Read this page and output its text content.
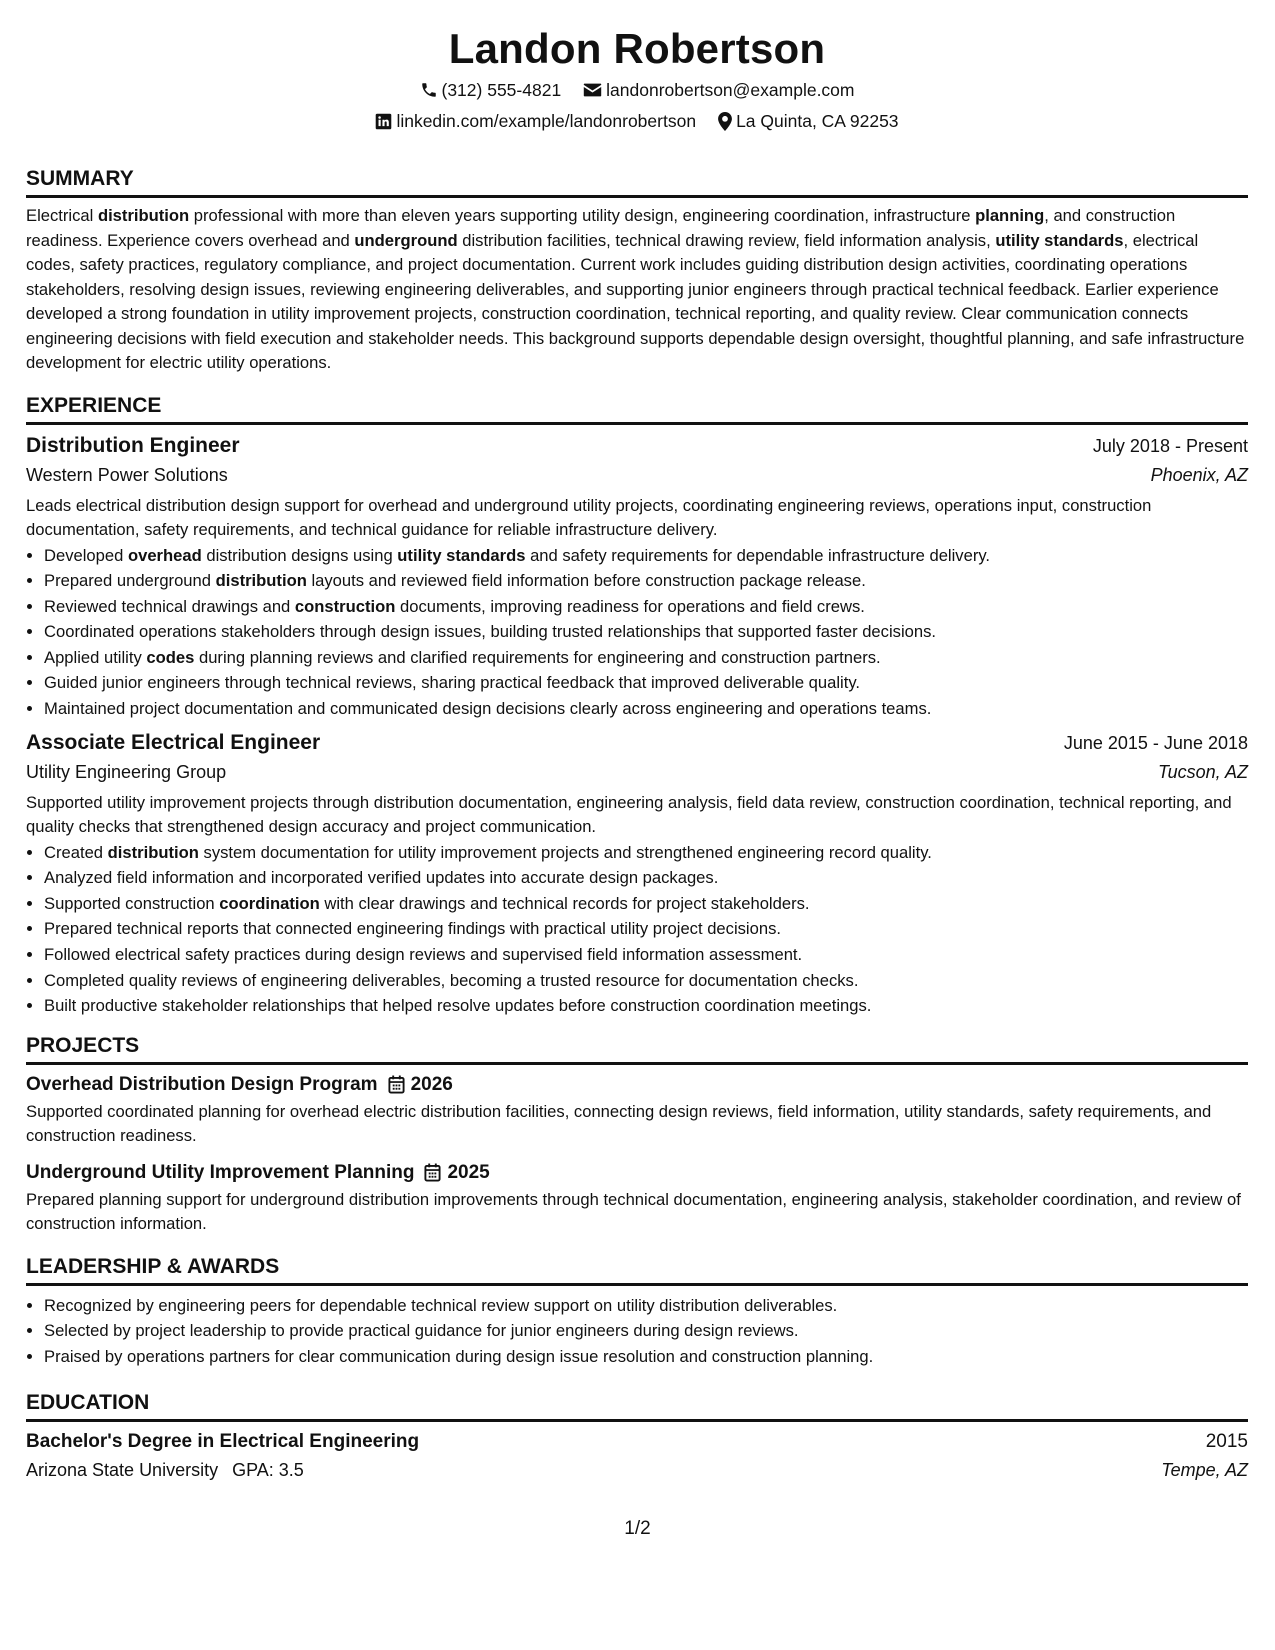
Landon Robertson
(312) 555-4821	landonrobertson@example.com
linkedin.com/example/landonrobertson La Quinta, CA 92253
SUMMARY

Electrical distribution professional with more than eleven years supporting utility design, engineering coordination, infrastructure planning, and construction readiness. Experience covers overhead and underground distribution facilities, technical drawing review, field information analysis, utility standards, electrical codes, safety practices, regulatory compliance, and project documentation. Current work includes guiding distribution design activities, coordinating operations stakeholders, resolving design issues, reviewing engineering deliverables, and supporting junior engineers through practical technical feedback. Earlier experience developed a strong foundation in utility improvement projects, construction coordination, technical reporting, and quality review. Clear communication connects engineering decisions with field execution and stakeholder needs. This background supports dependable design oversight, thoughtful planning, and safe infrastructure development for electric utility operations.

EXPERIENCE
Distribution Engineer	July 2018 - Present
Western Power Solutions	Phoenix, AZ

Leads electrical distribution design support for overhead and underground utility projects, coordinating engineering reviews, operations input, construction documentation, safety requirements, and technical guidance for reliable infrastructure delivery.

• Developed overhead distribution designs using utility standards and safety requirements for dependable infrastructure delivery.
• Prepared underground distribution layouts and reviewed field information before construction package release.
• Reviewed technical drawings and construction documents, improving readiness for operations and field crews.
• Coordinated operations stakeholders through design issues, building trusted relationships that supported faster decisions.
• Applied utility codes during planning reviews and clarified requirements for engineering and construction partners.
• Guided junior engineers through technical reviews, sharing practical feedback that improved deliverable quality.
• Maintained project documentation and communicated design decisions clearly across engineering and operations teams.
Associate Electrical Engineer	June 2015 - June 2018
Utility Engineering Group	Tucson, AZ

Supported utility improvement projects through distribution documentation, engineering analysis, field data review, construction coordination, technical reporting, and quality checks that strengthened design accuracy and project communication.

• Created distribution system documentation for utility improvement projects and strengthened engineering record quality.
• Analyzed field information and incorporated verified updates into accurate design packages.
• Supported construction coordination with clear drawings and technical records for project stakeholders.
• Prepared technical reports that connected engineering findings with practical utility project decisions.
• Followed electrical safety practices during design reviews and supervised field information assessment.
• Completed quality reviews of engineering deliverables, becoming a trusted resource for documentation checks.
• Built productive stakeholder relationships that helped resolve updates before construction coordination meetings.
PROJECTS
Overhead Distribution Design Program 2026

Supported coordinated planning for overhead electric distribution facilities, connecting design reviews, field information, utility standards, safety requirements, and construction readiness.

Underground Utility Improvement Planning 2025

Prepared planning support for underground distribution improvements through technical documentation, engineering analysis, stakeholder coordination, and review of construction information.

LEADERSHIP & AWARDS
• Recognized by engineering peers for dependable technical review support on utility distribution deliverables.
• Selected by project leadership to provide practical guidance for junior engineers during design reviews.
• Praised by operations partners for clear communication during design issue resolution and construction planning.
EDUCATION
Bachelor's Degree in Electrical Engineering	2015
Arizona State University GPA: 3.5	Tempe, AZ
1/2
